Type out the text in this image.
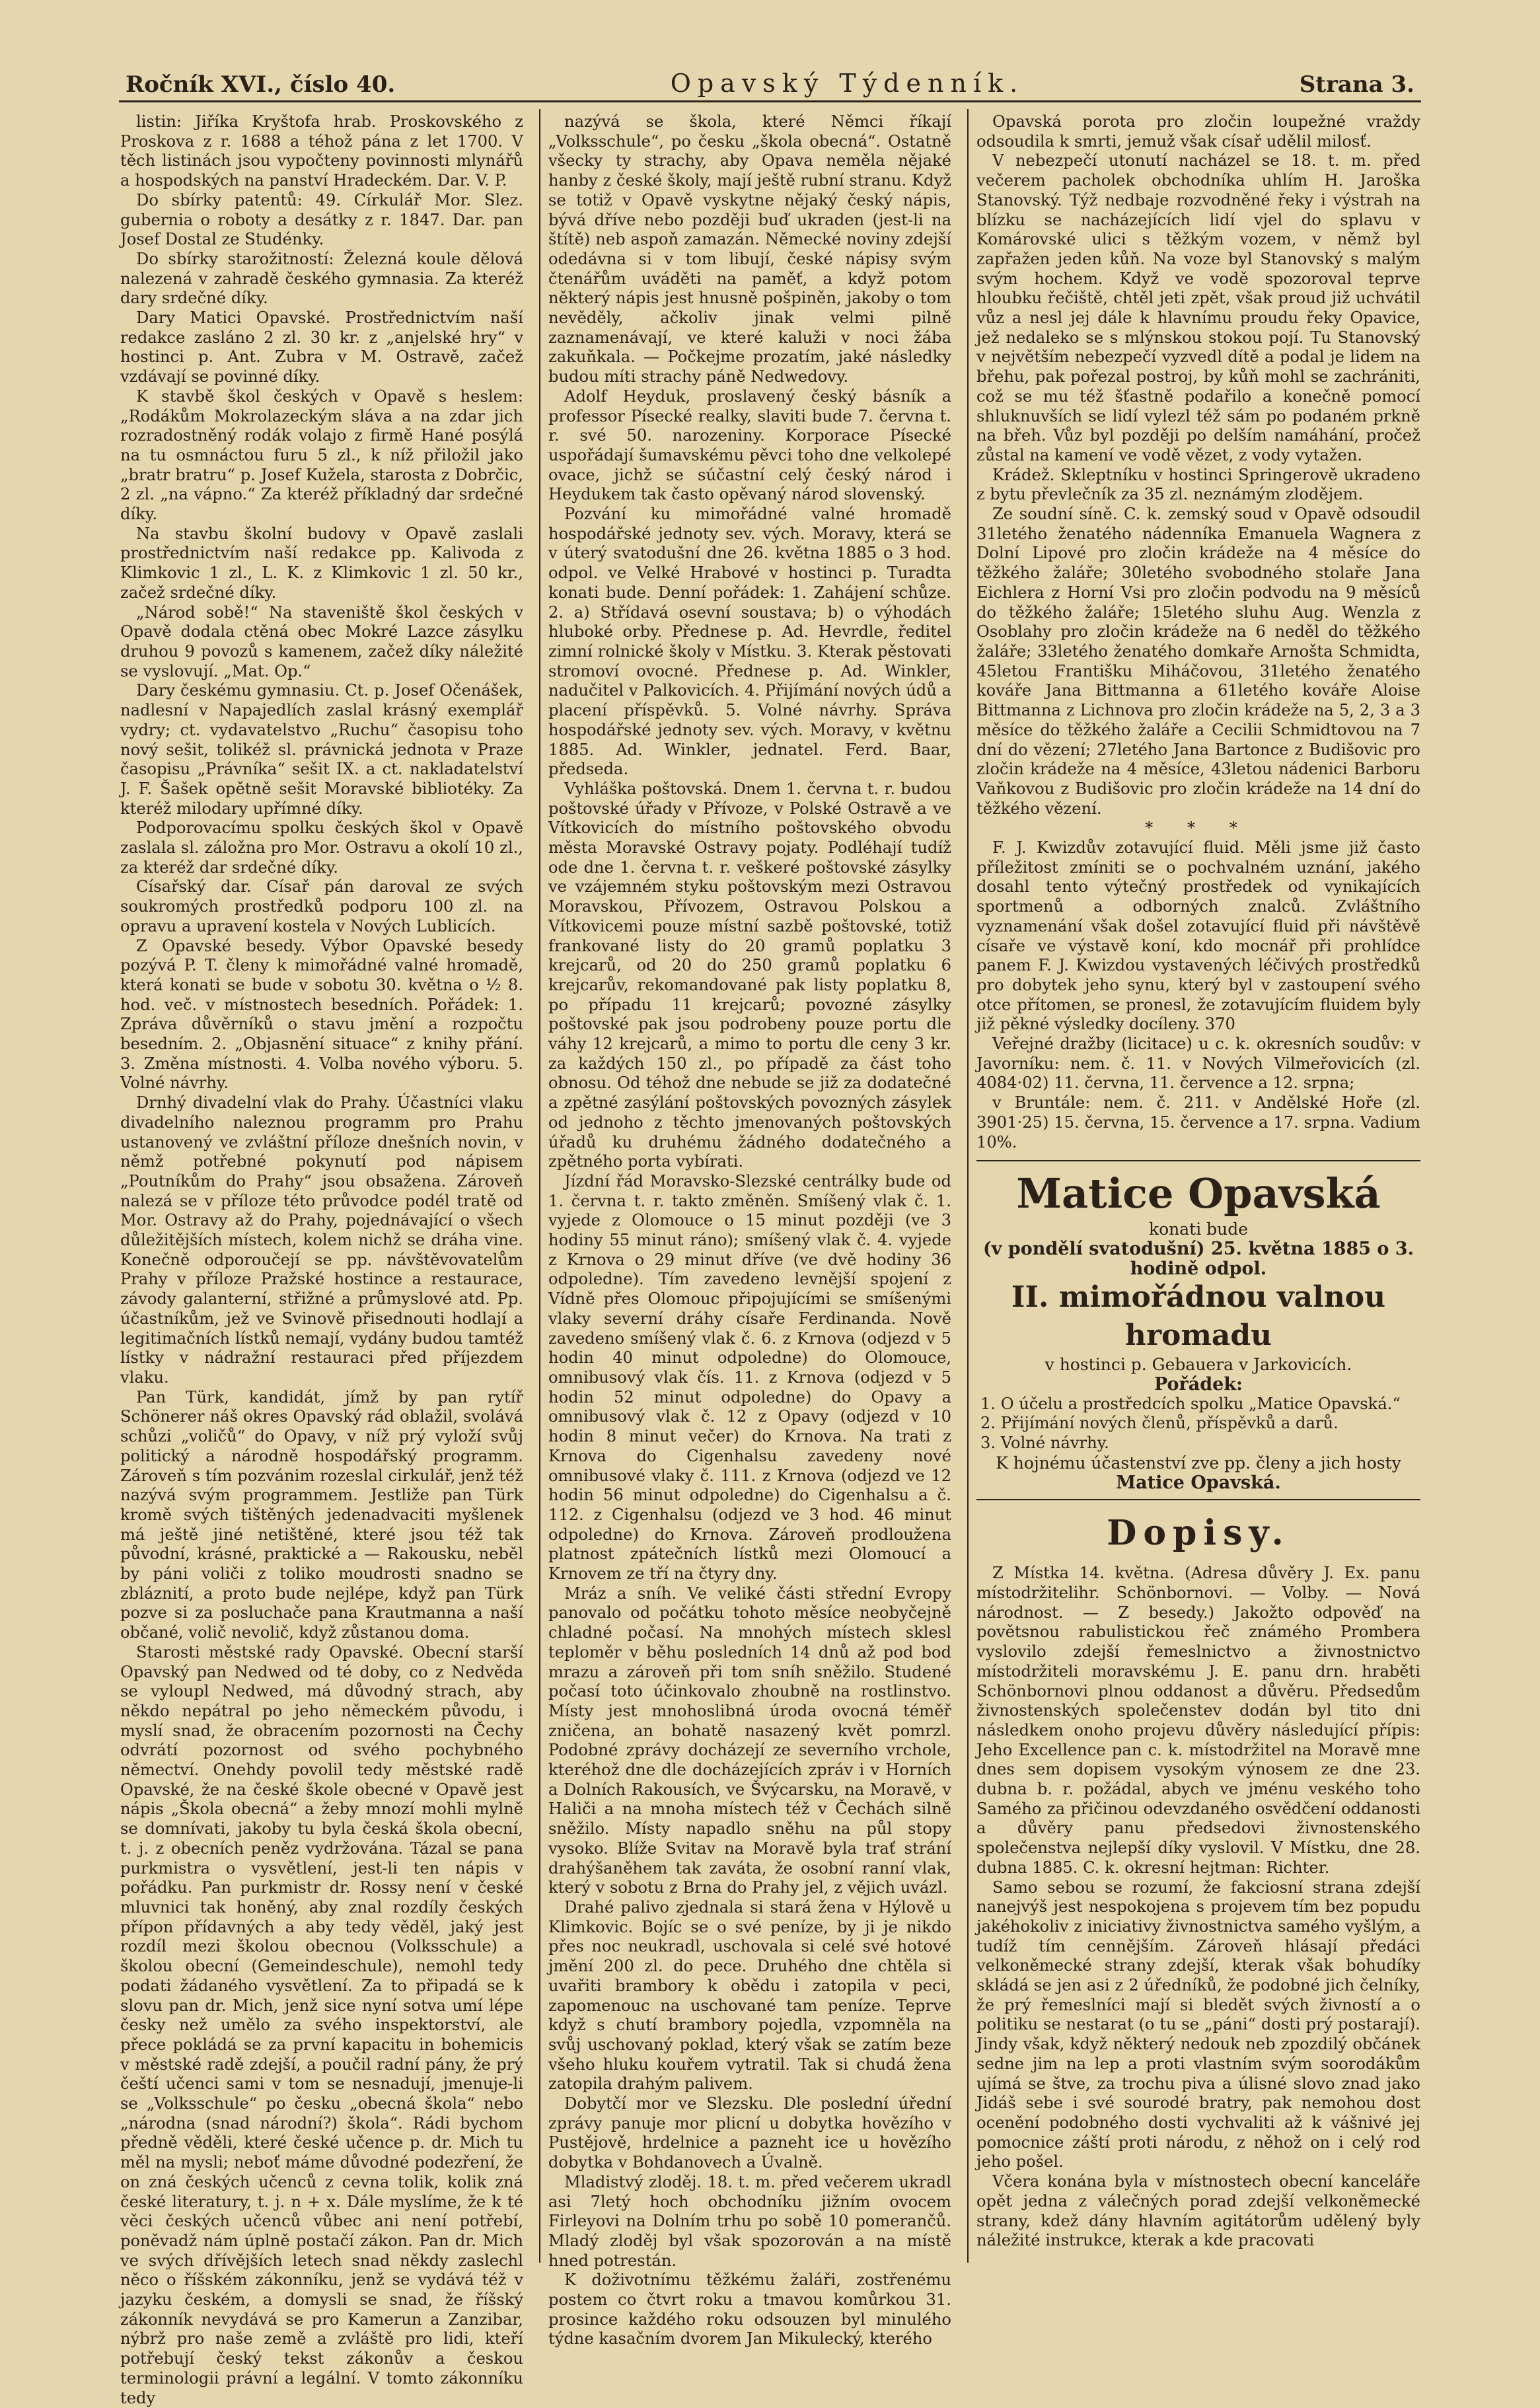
Ročník XVI., číslo 40.	Opavský Týdenník.	Strana 3.

listin: Jiříka Kryštofa hrab. Proskovského z Proskova z r. 1688 a téhož pána z let 1700. V těch listinách jsou vypočteny povinnosti mlynářů a hospodských na panství Hradeckém. Dar. V. P.

Do sbírky patentů: 49. Církulář Mor. Slez. gubernia o roboty a desátky z r. 1847. Dar. pan Josef Dostal ze Studénky.

Do sbírky starožitností: Železná koule dělová nalezená v zahradě českého gymnasia. Za kteréž dary srdečné díky.

Dary Matici Opavské. Prostřednictvím naší redakce zasláno 2 zl. 30 kr. z „anjelské hry“ v hostinci p. Ant. Zubra v M. Ostravě, začež vzdávají se povinné díky.

K stavbě škol českých v Opavě s heslem: „Rodákům Mokrolazeckým sláva a na zdar jich rozradostněný rodák volajo z firmě Hané posýlá na tu osmnáctou furu 5 zl., k níž přiložil jako „bratr bratru“ p. Josef Kužela, starosta z Dobrčic, 2 zl. „na vápno.“ Za kteréž příkladný dar srdečné díky.

Na stavbu školní budovy v Opavě zaslali prostřednictvím naší redakce pp. Kalivoda z Klimkovic 1 zl., L. K. z Klimkovic 1 zl. 50 kr., začež srdečné díky.

„Národ sobě!“ Na staveniště škol českých v Opavě dodala ctěná obec Mokré Lazce zásylku druhou 9 povozů s kamenem, začež díky náležité se vyslovují. „Mat. Op.“

Dary českému gymnasiu. Ct. p. Josef Očenášek, nadlesní v Napajedlích zaslal krásný exemplář vydry; ct. vydavatelstvo „Ruchu“ časopisu toho nový sešit, tolikéž sl. právnická jednota v Praze časopisu „Právníka“ sešit IX. a ct. nakladatelství J. F. Šašek opětně sešit Moravské bibliotéky. Za kteréž milodary upřímné díky.

Podporovacímu spolku českých škol v Opavě zaslala sl. záložna pro Mor. Ostravu a okolí 10 zl., za kteréž dar srdečné díky.

Císařský dar. Císař pán daroval ze svých soukromých prostředků podporu 100 zl. na opravu a upravení kostela v Nových Lublicích.

Z Opavské besedy. Výbor Opavské besedy pozývá P. T. členy k mimořádné valné hromadě, která konati se bude v sobotu 30. května o ½ 8. hod. več. v místnostech besedních. Pořádek: 1. Zpráva důvěrníků o stavu jmění a rozpočtu besedním. 2. „Objasnění situace“ z knihy přání. 3. Změna místnosti. 4. Volba nového výboru. 5. Volné návrhy.

Drnhý divadelní vlak do Prahy. Účastníci vlaku divadelního naleznou programm pro Prahu ustanovený ve zvláštní příloze dnešních novin, v němž potřebné pokynutí pod nápisem „Poutníkům do Prahy“ jsou obsažena. Zároveň nalezá se v příloze této průvodce podél tratě od Mor. Ostravy až do Prahy, pojednávající o všech důležitějších místech, kolem nichž se dráha vine. Konečně odporoučejí se pp. návštěvovatelům Prahy v příloze Pražské hostince a restaurace, závody galanterní, střižné a průmyslové atd. Pp. účastníkům, jež ve Svinově přisednouti hodlají a legitimačních lístků nemají, vydány budou tamtéž lístky v nádražní restauraci před příjezdem vlaku.

Pan Türk, kandidát, jímž by pan rytíř Schönerer náš okres Opavský rád oblažil, svolává schůzi „voličů“ do Opavy, v níž prý vyloží svůj politický a národně hospodářský programm. Zároveň s tím pozvánim rozeslal cirkulář, jenž též nazývá svým programmem. Jestliže pan Türk kromě svých tištěných jedenadvaciti myšlenek má ještě jiné netištěné, které jsou též tak původní, krásné, praktické a — Rakousku, neběl by páni voliči z toliko moudrosti snadno se zbláznití, a proto bude nejlépe, když pan Türk pozve si za posluchače pana Krautmanna a naší občané, volič nevolič, když zůstanou doma.

Starosti městské rady Opavské. Obecní starší Opavský pan Nedwed od té doby, co z Nedvěda se vyloupl Nedwed, má důvodný strach, aby někdo nepátral po jeho německém původu, i myslí snad, že obracením pozornosti na Čechy odvrátí pozornost od svého pochybného němectví. Onehdy povolil tedy městské radě Opavské, že na české škole obecné v Opavě jest nápis „Škola obecná“ a žeby mnozí mohli mylně se domnívati, jakoby tu byla česká škola obecní, t. j. z obecních peněz vydržována. Tázal se pana purkmistra o vysvětlení, jest-li ten nápis v pořádku. Pan purkmistr dr. Rossy není v české mluvnici tak honěný, aby znal rozdíly českých přípon přídavných a aby tedy věděl, jaký jest rozdíl mezi školou obecnou (Volksschule) a školou obecní (Gemeindeschule), nemohl tedy podati žádaného vysvětlení. Za to připadá se k slovu pan dr. Mich, jenž sice nyní sotva umí lépe česky než umělo za svého inspektorství, ale přece pokládá se za první kapacitu in bohemicis v městské radě zdejší, a poučil radní pány, že prý čeští učenci sami v tom se nesnadují, jmenuje-li se „Volksschule“ po česku „obecná škola“ nebo „národna (snad národní?) škola“. Rádi bychom předně věděli, které české učence p. dr. Mich tu měl na mysli; neboť máme důvodné podezření, že on zná českých učenců z cevna tolik, kolik zná české literatury, t. j. n + x. Dále myslíme, že k té věci českých učenců vůbec ani není potřebí, poněvadž nám úplně postačí zákon. Pan dr. Mich ve svých dřívějších letech snad někdy zaslechl něco o říšském zákonníku, jenž se vydává též v jazyku českém, a domysli se snad, že říšský zákonník nevydává se pro Kamerun a Zanzibar, nýbrž pro naše země a zvláště pro lidi, kteří potřebují český tekst zákonův a českou terminologii právní a legální. V tomto zákonníku tedy

nazývá se škola, které Němci říkají „Volksschule“, po česku „škola obecná“. Ostatně všecky ty strachy, aby Opava neměla nějaké hanby z české školy, mají ještě rubní stranu. Když se totiž v Opavě vyskytne nějaký český nápis, bývá dříve nebo později buď ukraden (jest-li na štítě) neb aspoň zamazán. Německé noviny zdejší odedávna si v tom libují, české nápisy svým čtenářům uváděti na paměť, a když potom některý nápis jest hnusně pošpiněn, jakoby o tom nevěděly, ačkoliv jinak velmi pilně zaznamenávají, ve které kaluži v noci žába zakuňkala. — Počkejme prozatím, jaké následky budou míti strachy páně Nedwedovy.

Adolf Heyduk, proslavený český básník a professor Písecké realky, slaviti bude 7. června t. r. své 50. narozeniny. Korporace Písecké uspořádají šumavskému pěvci toho dne velkolepé ovace, jichž se súčastní celý český národ i Heydukem tak často opěvaný národ slovenský.

Pozvání ku mimořádné valné hromadě hospodářské jednoty sev. vých. Moravy, která se v úterý svatodušní dne 26. května 1885 o 3 hod. odpol. ve Velké Hrabové v hostinci p. Turadta konati bude. Denní pořádek: 1. Zahájení schůze. 2. a) Střídavá osevní soustava; b) o výhodách hluboké orby. Přednese p. Ad. Hevrdle, ředitel zimní rolnické školy v Místku. 3. Kterak pěstovati stromoví ovocné. Přednese p. Ad. Winkler, nadučitel v Palkovicích. 4. Přijímání nových údů a placení příspěvků. 5. Volné návrhy. Správa hospodářské jednoty sev. vých. Moravy, v květnu 1885. Ad. Winkler, jednatel. Ferd. Baar, předseda.

Vyhláška poštovská. Dnem 1. června t. r. budou poštovské úřady v Přívoze, v Polské Ostravě a ve Vítkovicích do místního poštovského obvodu města Moravské Ostravy pojaty. Podléhají tudíž ode dne 1. června t. r. veškeré poštovské zásylky ve vzájemném styku poštovským mezi Ostravou Moravskou, Přívozem, Ostravou Polskou a Vítkovicemi pouze místní sazbě poštovské, totiž frankované listy do 20 gramů poplatku 3 krejcarů, od 20 do 250 gramů poplatku 6 krejcarův, rekomandované pak listy poplatku 8, po případu 11 krejcarů; povozné zásylky poštovské pak jsou podrobeny pouze portu dle váhy 12 krejcarů, a mimo to portu dle ceny 3 kr. za každých 150 zl., po případě za část toho obnosu. Od téhož dne nebude se již za dodatečné a zpětné zasýlání poštovských povozných zásylek od jednoho z těchto jmenovaných poštovských úřadů ku druhému žádného dodatečného a zpětného porta vybírati.

Jízdní řád Moravsko-Slezské centrálky bude od 1. června t. r. takto změněn. Smíšený vlak č. 1. vyjede z Olomouce o 15 minut později (ve 3 hodiny 55 minut ráno); smíšený vlak č. 4. vyjede z Krnova o 29 minut dříve (ve dvě hodiny 36 odpoledne). Tím zavedeno levnější spojení z Vídně přes Olomouc připojujícími se smíšenými vlaky severní dráhy císaře Ferdinanda. Nově zavedeno smíšený vlak č. 6. z Krnova (odjezd v 5 hodin 40 minut odpoledne) do Olomouce, omnibusový vlak čís. 11. z Krnova (odjezd v 5 hodin 52 minut odpoledne) do Opavy a omnibusový vlak č. 12 z Opavy (odjezd v 10 hodin 8 minut večer) do Krnova. Na trati z Krnova do Cigenhalsu zavedeny nové omnibusové vlaky č. 111. z Krnova (odjezd ve 12 hodin 56 minut odpoledne) do Cigenhalsu a č. 112. z Cigenhalsu (odjezd ve 3 hod. 46 minut odpoledne) do Krnova. Zároveň prodloužena platnost zpátečních lístků mezi Olomoucí a Krnovem ze tří na čtyry dny.

Mráz a sníh. Ve veliké části střední Evropy panovalo od počátku tohoto měsíce neobyčejně chladné počasí. Na mnohých místech sklesl teploměr v běhu posledních 14 dnů až pod bod mrazu a zároveň při tom sníh sněžilo. Studené počasí toto účinkovalo zhoubně na rostlinstvo. Místy jest mnohoslibná úroda ovocná téměř zničena, an bohatě nasazený květ pomrzl. Podobné zprávy docházejí ze severního vrchole, kteréhož dne dle docházejících zpráv i v Horních a Dolních Rakousích, ve Švýcarsku, na Moravě, v Haliči a na mnoha místech též v Čechách silně sněžilo. Místy napadlo sněhu na půl stopy vysoko. Blíže Svitav na Moravě byla trať strání drahýšaněhem tak zaváta, že osobní ranní vlak, který v sobotu z Brna do Prahy jel, z vějich uvázl.

Drahé palivo zjednala si stará žena v Hýlově u Klimkovic. Bojíc se o své peníze, by ji je nikdo přes noc neukradl, uschovala si celé své hotové jmění 200 zl. do pece. Druhého dne chtěla si uvařiti brambory k obědu i zatopila v peci, zapomenouc na uschované tam peníze. Teprve když s chutí brambory pojedla, vzpomněla na svůj uschovaný poklad, který však se zatím beze všeho hluku kouřem vytratil. Tak si chudá žena zatopila drahým palivem.

Dobytčí mor ve Slezsku. Dle poslední úřední zprávy panuje mor plicní u dobytka hovězího v Pustějově, hrdelnice a pazneht ice u hovězího dobytka v Bohdanovech a Úvalně.

Mladistvý zloděj. 18. t. m. před večerem ukradl asi 7letý hoch obchodníku jižním ovocem Firleyovi na Dolním trhu po sobě 10 pomerančů. Mladý zloděj byl však spozorován a na místě hned potrestán.

K doživotnímu těžkému žaláři, zostřenému postem co čtvrt roku a tmavou komůrkou 31. prosince každého roku odsouzen byl minulého týdne kasačním dvorem Jan Mikulecký, kterého

Opavská porota pro zločin loupežné vraždy odsoudila k smrti, jemuž však císař udělil milosť.

V nebezpečí utonutí nacházel se 18. t. m. před večerem pacholek obchodníka uhlím H. Jaroška Stanovský. Týž nedbaje rozvodněné řeky i výstrah na blízku se nacházejících lidí vjel do splavu v Komárovské ulici s těžkým vozem, v němž byl zapřažen jeden kůň. Na voze byl Stanovský s malým svým hochem. Když ve vodě spozoroval teprve hloubku řečiště, chtěl jeti zpět, však proud již uchvátil vůz a nesl jej dále k hlavnímu proudu řeky Opavice, jež nedaleko se s mlýnskou stokou pojí. Tu Stanovský v největším nebezpečí vyzvedl dítě a podal je lidem na břehu, pak pořezal postroj, by kůň mohl se zachrániti, což se mu též šťastně podařilo a konečně pomocí shluknuvších se lidí vylezl též sám po podaném prkně na břeh. Vůz byl později po delším namáhání, pročež zůstal na kamení ve vodě vězet, z vody vytažen.

Krádež. Skleptníku v hostinci Springerově ukradeno z bytu převlečník za 35 zl. neznámým zlodějem.

Ze soudní síně. C. k. zemský soud v Opavě odsoudil 31letého ženatého nádenníka Emanuela Wagnera z Dolní Lipové pro zločin krádeže na 4 měsíce do těžkého žaláře; 30letého svobodného stolaře Jana Eichlera z Horní Vsi pro zločin podvodu na 9 měsíců do těžkého žaláře; 15letého sluhu Aug. Wenzla z Osoblahy pro zločin krádeže na 6 neděl do těžkého žaláře; 33letého ženatého domkaře Arnošta Schmidta, 45letou Františku Miháčovou, 31letého ženatého kováře Jana Bittmanna a 61letého kováře Aloise Bittmanna z Lichnova pro zločin krádeže na 5, 2, 3 a 3 měsíce do těžkého žaláře a Cecilii Schmidtovou na 7 dní do vězení; 27letého Jana Bartonce z Budišovic pro zločin krádeže na 4 měsíce, 43letou nádenici Barboru Vaňkovou z Budišovic pro zločin krádeže na 14 dní do těžkého vězení.

* * *

F. J. Kwizdův zotavující fluid. Měli jsme již často příležitost zmíniti se o pochvalném uznání, jakého dosahl tento výtečný prostředek od vynikajících sportmenů a odborných znalců. Zvláštního vyznamenání však došel zotavující fluid při návštěvě císaře ve výstavě koní, kdo mocnář při prohlídce panem F. J. Kwizdou vystavených léčivých prostředků pro dobytek jeho synu, který byl v zastoupení svého otce přítomen, se pronesl, že zotavujícím fluidem byly již pěkné výsledky docíleny. 370

Veřejné dražby (licitace) u c. k. okresních soudův: v Javorníku: nem. č. 11. v Nových Vilmeřovicích (zl. 4084·02) 11. června, 11. července a 12. srpna;

v Bruntále: nem. č. 211. v Andělské Hoře (zl. 3901·25) 15. června, 15. července a 17. srpna. Vadium 10%.

Matice Opavská
konati bude
(v pondělí svatodušní) 25. května 1885 o 3. hodině odpol.
II. mimořádnou valnou hromadu
v hostinci p. Gebauera v Jarkovicích.
Pořádek:
1. O účelu a prostředcích spolku „Matice Opavská.“
2. Přijímání nových členů, příspěvků a darů.
3. Volné návrhy.
K hojnému účastenství zve pp. členy a jich hosty
Matice Opavská.
Dopisy.

Z Místka 14. května. (Adresa důvěry J. Ex. panu místodržitelihr. Schönbornovi. — Volby. — Nová národnost. — Z besedy.) Jakožto odpověď na povětsnou rabulistickou řeč známého Prombera vyslovilo zdejší řemeslnictvo a živnostnictvo místodržiteli moravskému J. E. panu drn. hraběti Schönbornovi plnou oddanost a důvěru. Předsedům živnostenských společenstev dodán byl tito dni následkem onoho projevu důvěry následující přípis: Jeho Excellence pan c. k. místodržitel na Moravě mne dnes sem dopisem vysokým výnosem ze dne 23. dubna b. r. požádal, abych ve jménu veského toho Samého za přičinou odevzdaného osvědčení oddanosti a důvěry panu předsedovi živnostenského společenstva nejlepší díky vyslovil. V Místku, dne 28. dubna 1885. C. k. okresní hejtman: Richter.

Samo sebou se rozumí, že fakciosní strana zdejší nanejvýš jest nespokojena s projevem tím bez popudu jakéhokoliv z iniciativy živnostnictva samého vyšlým, a tudíž tím cennějším. Zároveň hlásají předáci velkoněmecké strany zdejší, kterak však bohudíky skládá se jen asi z 2 úředníků, že podobné jich čelníky, že prý řemeslníci mají si bledět svých živností a o politiku se nestarat (o tu se „páni“ dosti prý postarají). Jindy však, když některý nedouk neb zpozdilý občánek sedne jim na lep a proti vlastním svým soorodákům ujímá se štve, za trochu piva a úlisné slovo znad jako Jidáš sebe i své sourodé bratry, pak nemohou dost ocenění podobného dosti vychvaliti až k vášnivé jej pomocnice záští proti národu, z něhož on i celý rod jeho pošel.

Včera konána byla v místnostech obecní kanceláře opět jedna z válečných porad zdejší velkoněmecké strany, kdež dány hlavním agitátorům udělený byly náležité instrukce, kterak a kde pracovati
